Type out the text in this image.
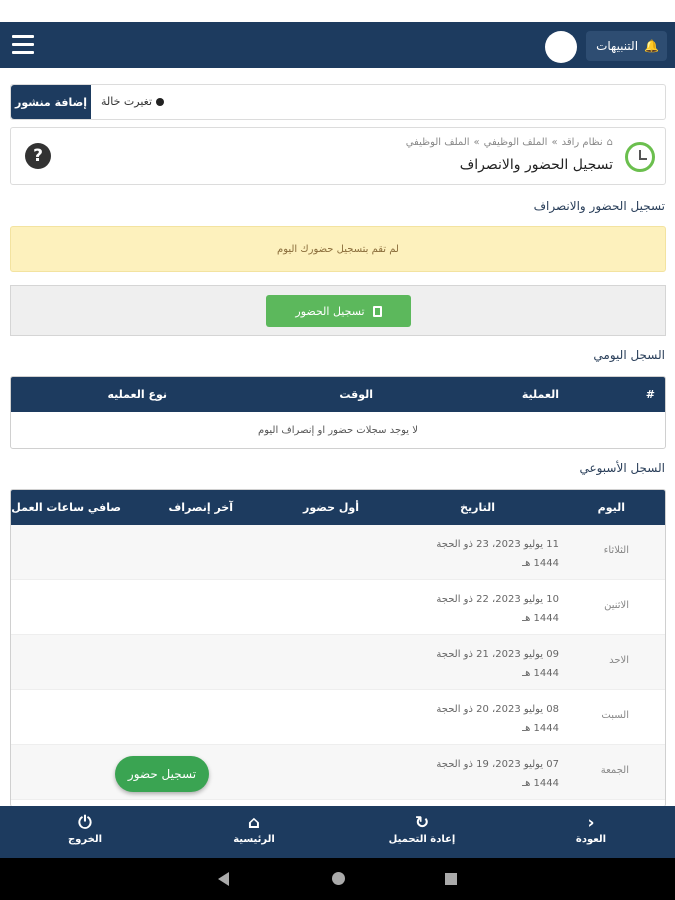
التنبيهات 🔔
إضافة منشور	تغيرت خالة
?
⌂
نظام راقد
»
الملف الوظيفي
»
الملف الوظيفي
تسجيل الحضور والانصراف
تسجيل الحضور والانصراف
لم تقم بتسجيل حضورك اليوم
تسجيل الحضور
السجل اليومي
#
العملية
الوقت
نوع العمليه
لا يوجد سجلات حضور او إنصراف اليوم
السجل الأسبوعي
اليوم
التاريخ
أول حضور
آخر إنصراف
صافي ساعات العمل
الثلاثاء
11 يوليو 2023، 23 ذو الحجة 1444 هـ
الاثنين
10 يوليو 2023، 22 ذو الحجة 1444 هـ
الاحد
09 يوليو 2023، 21 ذو الحجة 1444 هـ
السبت
08 يوليو 2023، 20 ذو الحجة 1444 هـ
الجمعة
07 يوليو 2023، 19 ذو الحجة 1444 هـ
تسجيل حضور
⏻
الخروج
⌂
الرئيسية
↻
إعادة التحميل
›
العودة
